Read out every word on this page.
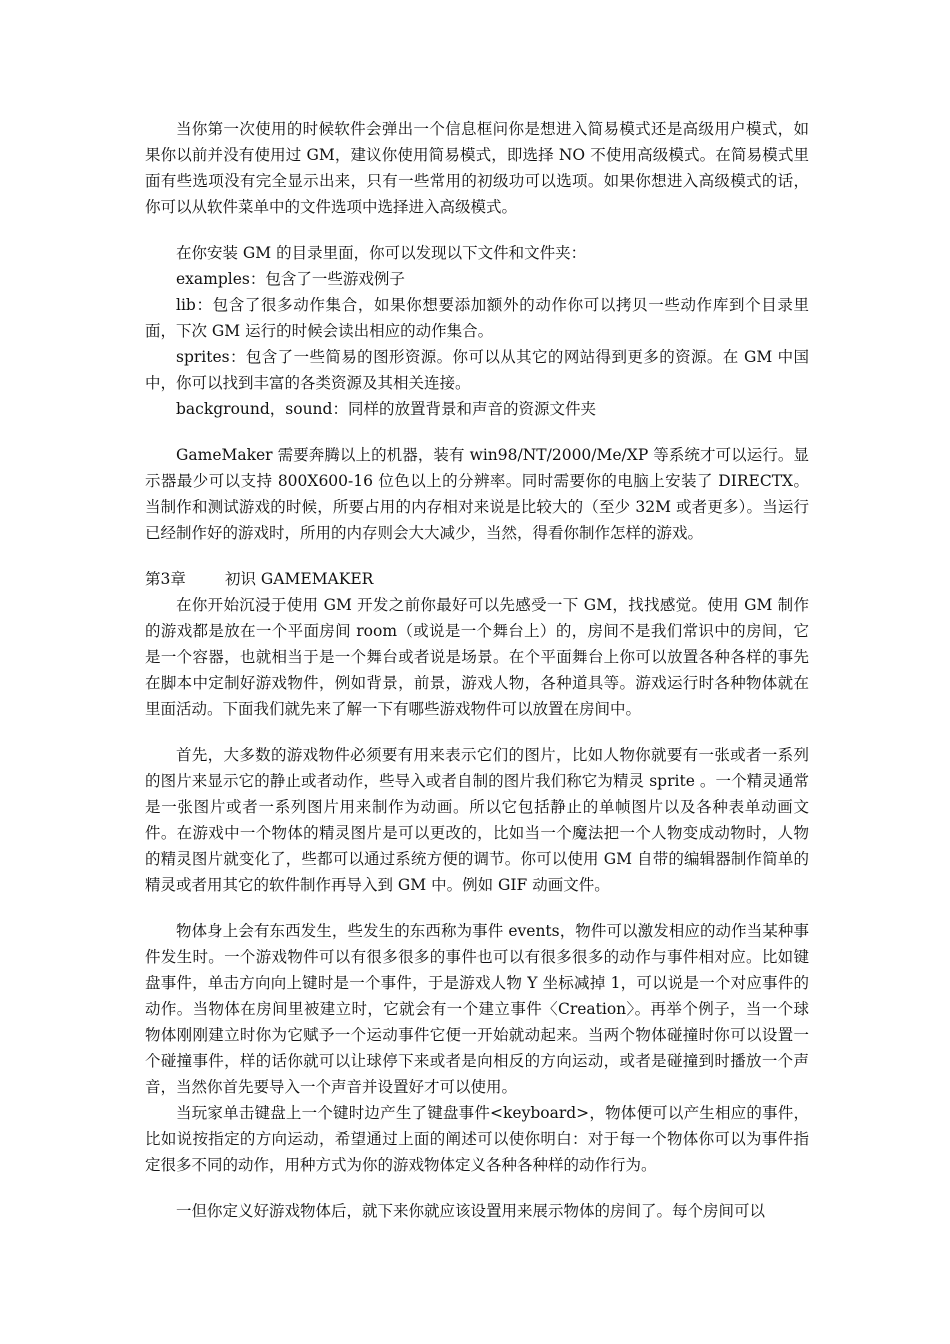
当你第一次使用的时候软件会弹出一个信息框问你是想进入简易模式还是高级用户模式，如果你以前并没有使用过 GM，建议你使用简易模式，即选择 NO 不使用高级模式。在简易模式里面有些选项没有完全显示出来，只有一些常用的初级功可以选项。如果你想进入高级模式的话，你可以从软件菜单中的文件选项中选择进入高级模式。

在你安装 GM 的目录里面，你可以发现以下文件和文件夹：

examples：包含了一些游戏例子

lib：包含了很多动作集合，如果你想要添加额外的动作你可以拷贝一些动作库到个目录里面，下次 GM 运行的时候会读出相应的动作集合。

sprites：包含了一些简易的图形资源。你可以从其它的网站得到更多的资源。在 GM 中国中，你可以找到丰富的各类资源及其相关连接。

background，sound：同样的放置背景和声音的资源文件夹

GameMaker 需要奔腾以上的机器，装有 win98/NT/2000/Me/XP 等系统才可以运行。显示器最少可以支持 800X600-16 位色以上的分辨率。同时需要你的电脑上安装了 DIRECTX。当制作和测试游戏的时候，所要占用的内存相对来说是比较大的（至少 32M 或者更多）。当运行已经制作好的游戏时，所用的内存则会大大减少，当然，得看你制作怎样的游戏。

第3章	初识 GAMEMAKER

在你开始沉浸于使用 GM 开发之前你最好可以先感受一下 GM，找找感觉。使用 GM 制作的游戏都是放在一个平面房间 room（或说是一个舞台上）的，房间不是我们常识中的房间，它是一个容器，也就相当于是一个舞台或者说是场景。在个平面舞台上你可以放置各种各样的事先在脚本中定制好游戏物件，例如背景，前景，游戏人物，各种道具等。游戏运行时各种物体就在里面活动。下面我们就先来了解一下有哪些游戏物件可以放置在房间中。

首先，大多数的游戏物件必须要有用来表示它们的图片，比如人物你就要有一张或者一系列的图片来显示它的静止或者动作，些导入或者自制的图片我们称它为精灵 sprite 。一个精灵通常是一张图片或者一系列图片用来制作为动画。所以它包括静止的单帧图片以及各种表单动画文件。在游戏中一个物体的精灵图片是可以更改的，比如当一个魔法把一个人物变成动物时，人物的精灵图片就变化了，些都可以通过系统方便的调节。你可以使用 GM 自带的编辑器制作简单的精灵或者用其它的软件制作再导入到 GM 中。例如 GIF 动画文件。

物体身上会有东西发生，些发生的东西称为事件 events，物件可以激发相应的动作当某种事件发生时。一个游戏物件可以有很多很多的事件也可以有很多很多的动作与事件相对应。比如键盘事件，单击方向向上键时是一个事件，于是游戏人物 Y 坐标减掉 1，可以说是一个对应事件的动作。当物体在房间里被建立时，它就会有一个建立事件〈Creation〉。再举个例子，当一个球物体刚刚建立时你为它赋予一个运动事件它便一开始就动起来。当两个物体碰撞时你可以设置一个碰撞事件，样的话你就可以让球停下来或者是向相反的方向运动，或者是碰撞到时播放一个声音，当然你首先要导入一个声音并设置好才可以使用。

当玩家单击键盘上一个键时边产生了键盘事件<keyboard>，物体便可以产生相应的事件，比如说按指定的方向运动，希望通过上面的阐述可以使你明白：对于每一个物体你可以为事件指定很多不同的动作，用种方式为你的游戏物体定义各种各种样的动作行为。

一但你定义好游戏物体后，就下来你就应该设置用来展示物体的房间了。每个房间可以
